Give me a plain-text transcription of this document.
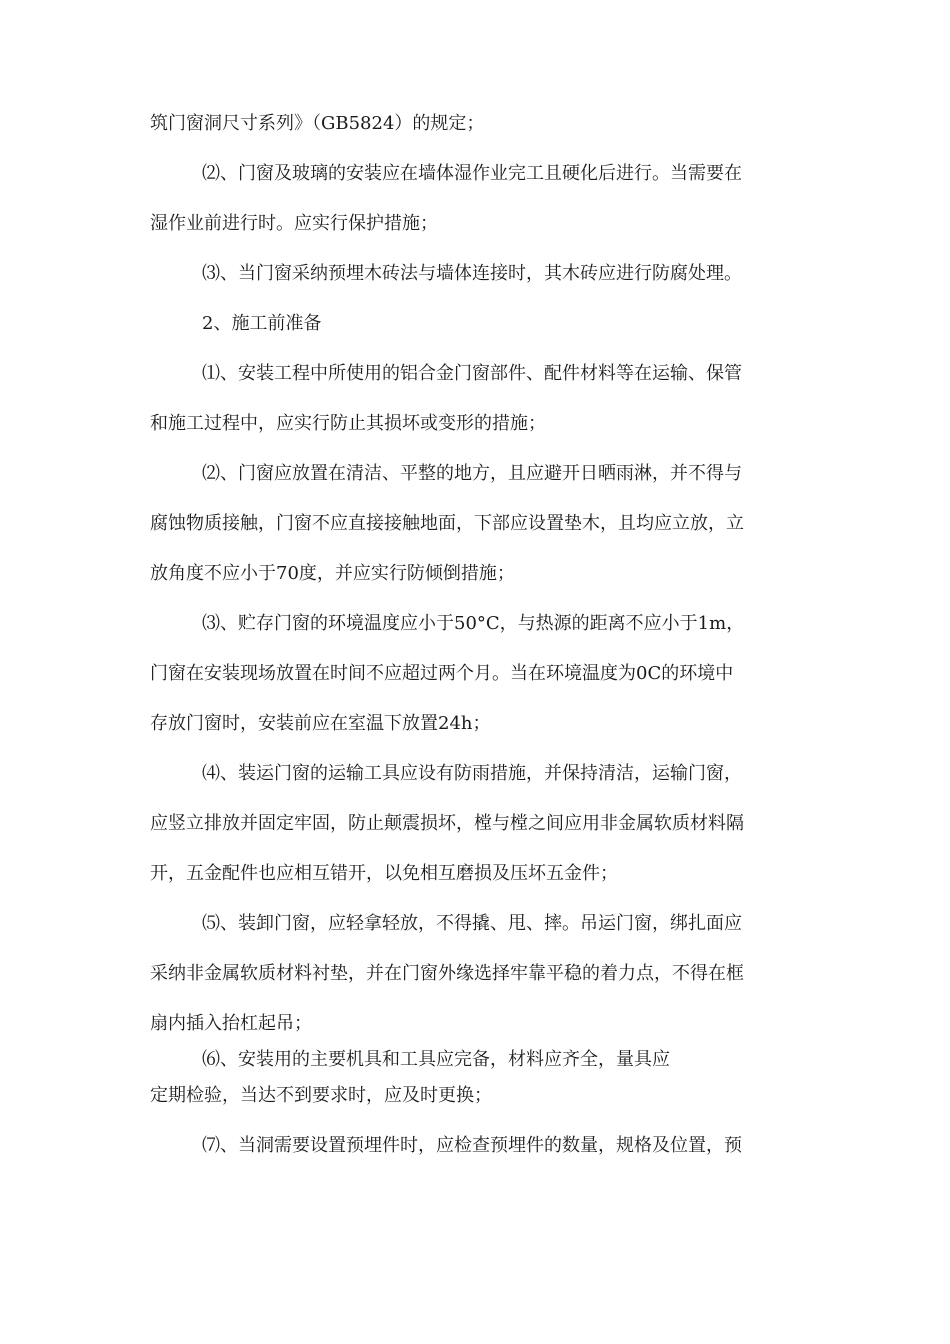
筑门窗洞尺寸系列》（GB5824）的规定；

⑵、门窗及玻璃的安装应在墙体湿作业完工且硬化后进行。当需要在

湿作业前进行时。应实行保护措施；

⑶、当门窗采纳预埋木砖法与墙体连接时，其木砖应进行防腐处理。

2、施工前准备

⑴、安装工程中所使用的铝合金门窗部件、配件材料等在运输、保管

和施工过程中，应实行防止其损坏或变形的措施；

⑵、门窗应放置在清洁、平整的地方，且应避开日晒雨淋，并不得与

腐蚀物质接触，门窗不应直接接触地面，下部应设置垫木，且均应立放，立

放角度不应小于70度，并应实行防倾倒措施；

⑶、贮存门窗的环境温度应小于50°C，与热源的距离不应小于1m，

门窗在安装现场放置在时间不应超过两个月。当在环境温度为0C的环境中

存放门窗时，安装前应在室温下放置24h；

⑷、装运门窗的运输工具应设有防雨措施，并保持清洁，运输门窗，

应竖立排放并固定牢固，防止颠震损坏，樘与樘之间应用非金属软质材料隔

开，五金配件也应相互错开，以免相互磨损及压坏五金件；

⑸、装卸门窗，应轻拿轻放，不得撬、甩、摔。吊运门窗，绑扎面应

采纳非金属软质材料衬垫，并在门窗外缘选择牢靠平稳的着力点，不得在框

扇内插入抬杠起吊；

⑹、安装用的主要机具和工具应完备，材料应齐全，量具应

定期检验，当达不到要求时，应及时更换；

⑺、当洞需要设置预埋件时，应检查预埋件的数量，规格及位置，预
